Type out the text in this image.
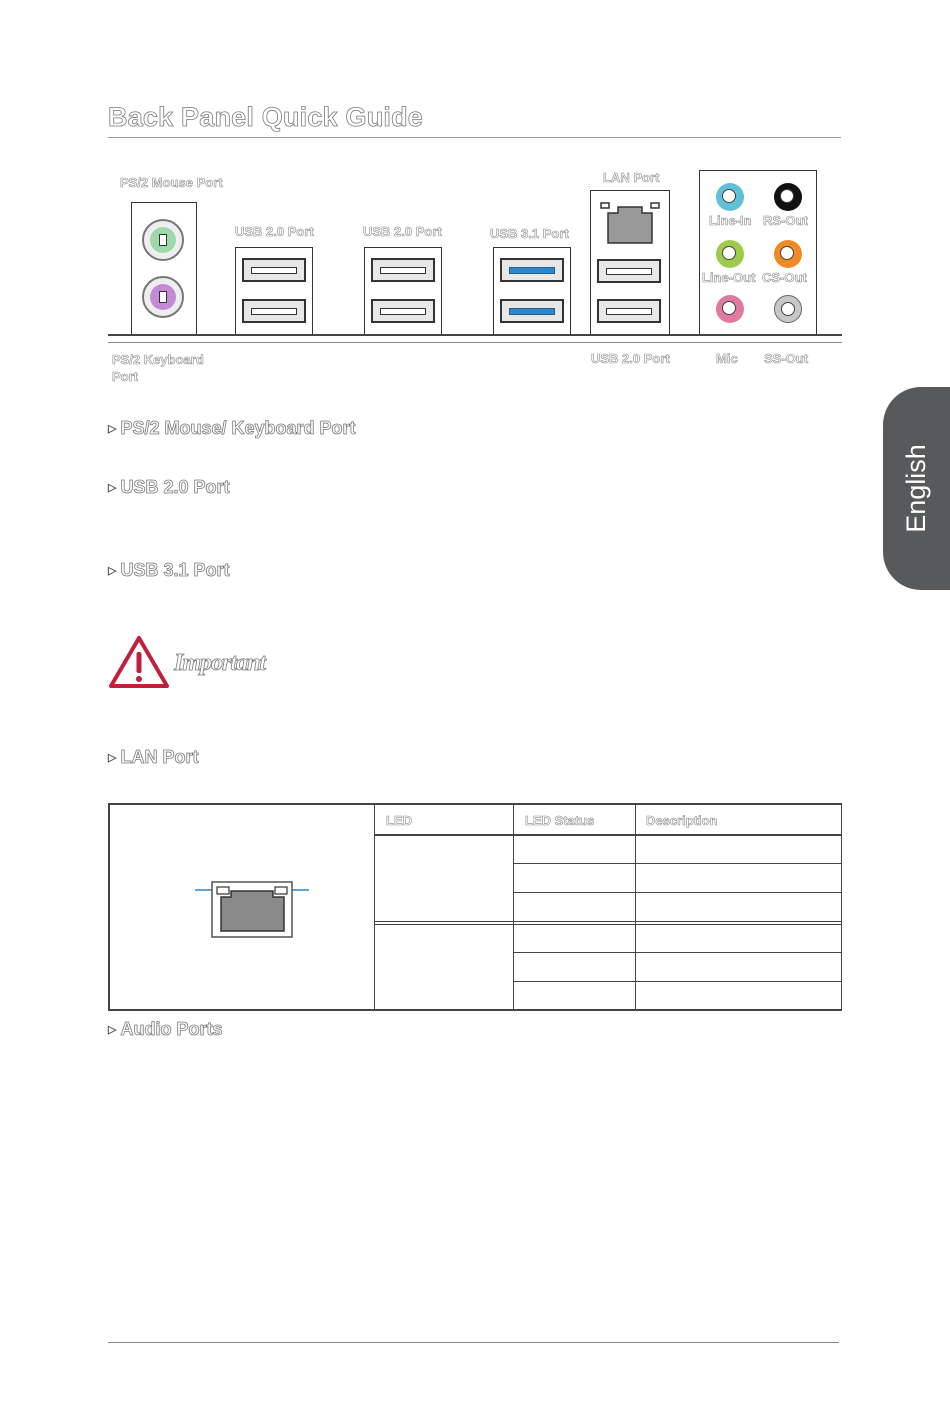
Back Panel Quick Guide
PS/2 Mouse Port
USB 2.0 Port	USB 2.0 Port	USB 3.1 Port
LAN Port
Line-In RS-Out
Line-Out CS-Out
PS/2 Keyboard Port
USB 2.0 Port	Mic SS-Out
▷ PS/2 Mouse/ Keyboard Port
▷ USB 2.0 Port
▷ USB 3.1 Port
Important
▷ LAN Port
LED	LED Status	Description
▷ Audio Ports
English
